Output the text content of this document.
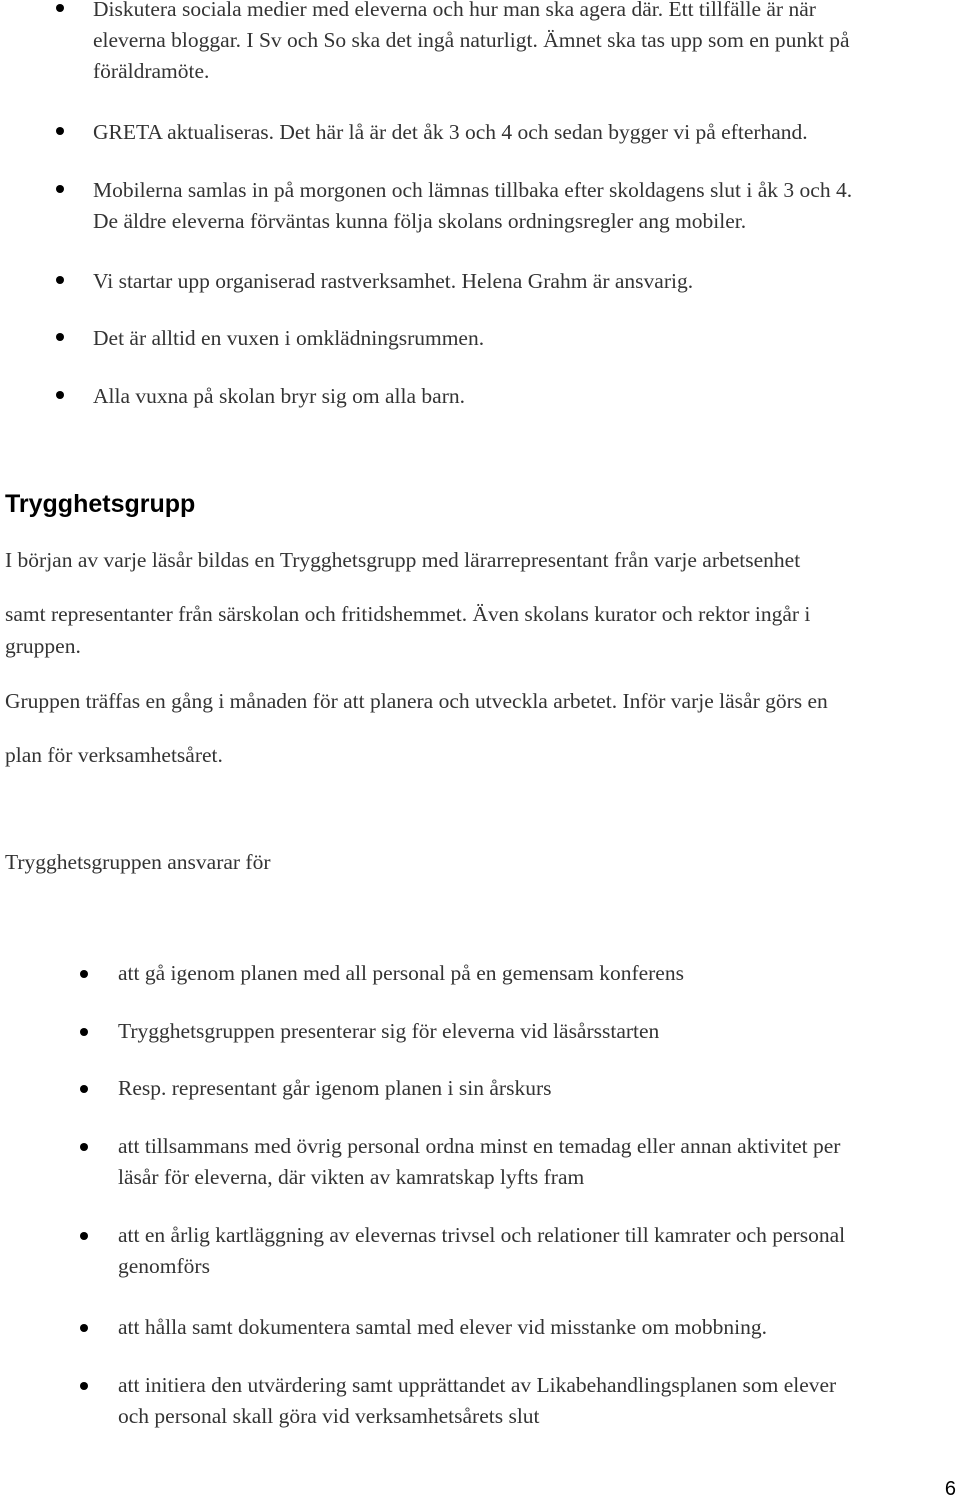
Diskutera sociala medier med eleverna och hur man ska agera där. Ett tillfälle är när
eleverna bloggar. I Sv och So ska det ingå naturligt. Ämnet ska tas upp som en punkt på
föräldramöte.
GRETA aktualiseras. Det här lå är det åk 3 och 4 och sedan bygger vi på efterhand.
Mobilerna samlas in på morgonen och lämnas tillbaka efter skoldagens slut i åk 3 och 4.
De äldre eleverna förväntas kunna följa skolans ordningsregler ang mobiler.
Vi startar upp organiserad rastverksamhet. Helena Grahm är ansvarig.
Det är alltid en vuxen i omklädningsrummen.
Alla vuxna på skolan bryr sig om alla barn.
Trygghetsgrupp

I början av varje läsår bildas en Trygghetsgrupp med lärarrepresentant från varje arbetsenhet

samt representanter från särskolan och fritidshemmet. Även skolans kurator och rektor ingår i
gruppen.

Gruppen träffas en gång i månaden för att planera och utveckla arbetet. Inför varje läsår görs en

plan för verksamhetsåret.

Trygghetsgruppen ansvarar för

att gå igenom planen med all personal på en gemensam konferens
Trygghetsgruppen presenterar sig för eleverna vid läsårsstarten
Resp. representant går igenom planen i sin årskurs
att tillsammans med övrig personal ordna minst en temadag eller annan aktivitet per
läsår för eleverna, där vikten av kamratskap lyfts fram
att en årlig kartläggning av elevernas trivsel och relationer till kamrater och personal
genomförs
att hålla samt dokumentera samtal med elever vid misstanke om mobbning.
att initiera den utvärdering samt upprättandet av Likabehandlingsplanen som elever
och personal skall göra vid verksamhetsårets slut
6
